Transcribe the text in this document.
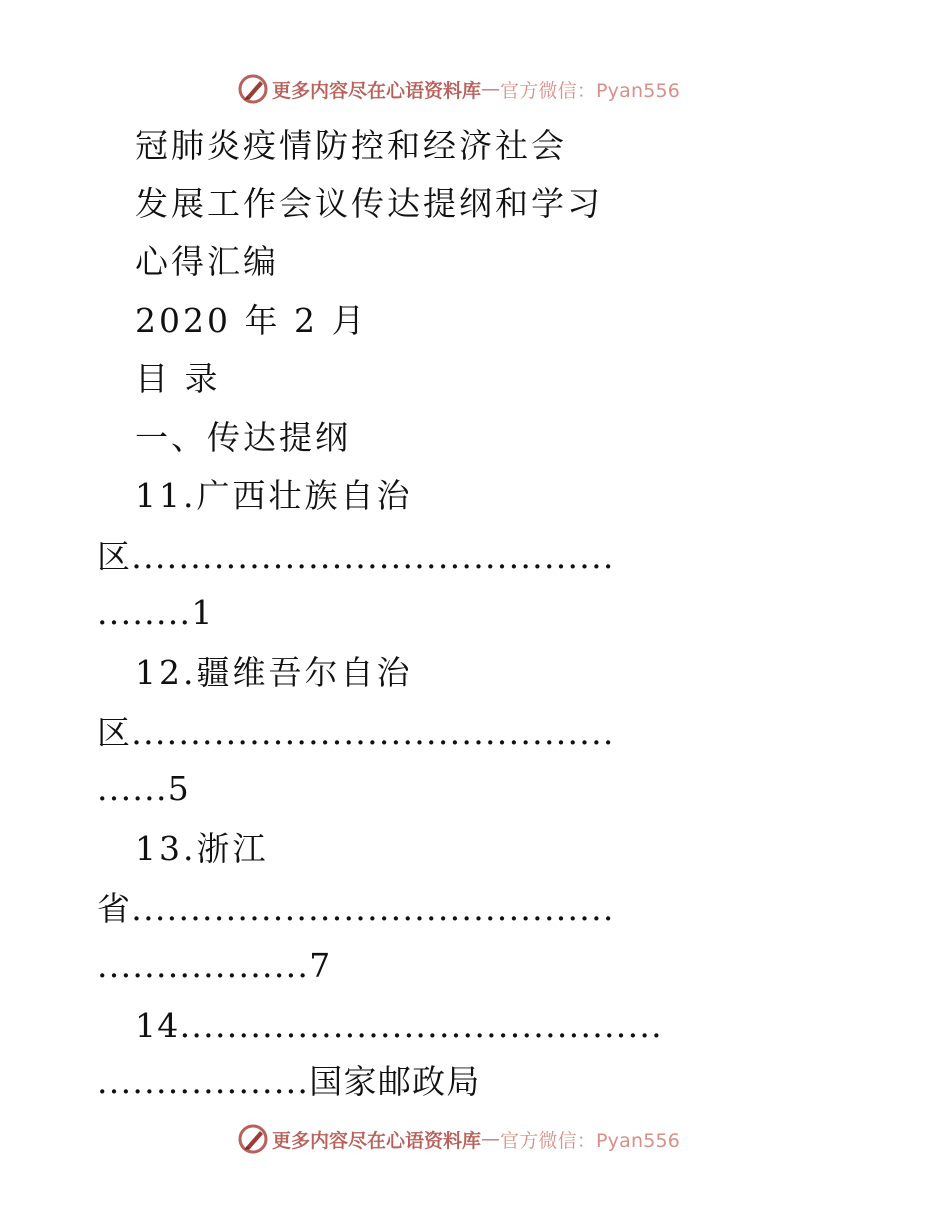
更多内容尽在心语资料库 — 官方微信：Pyan556
冠肺炎疫情防控和经济社会
发展工作会议传达提纲和学习
心得汇编
2020 年 2 月
目 录
一、传达提纲
11.广西壮族自治
区.........................................
........1
12.疆维吾尔自治
区.........................................
......5
13.浙江
省.........................................
..................7
14.........................................
..................国家邮政局
更多内容尽在心语资料库 — 官方微信：Pyan556
